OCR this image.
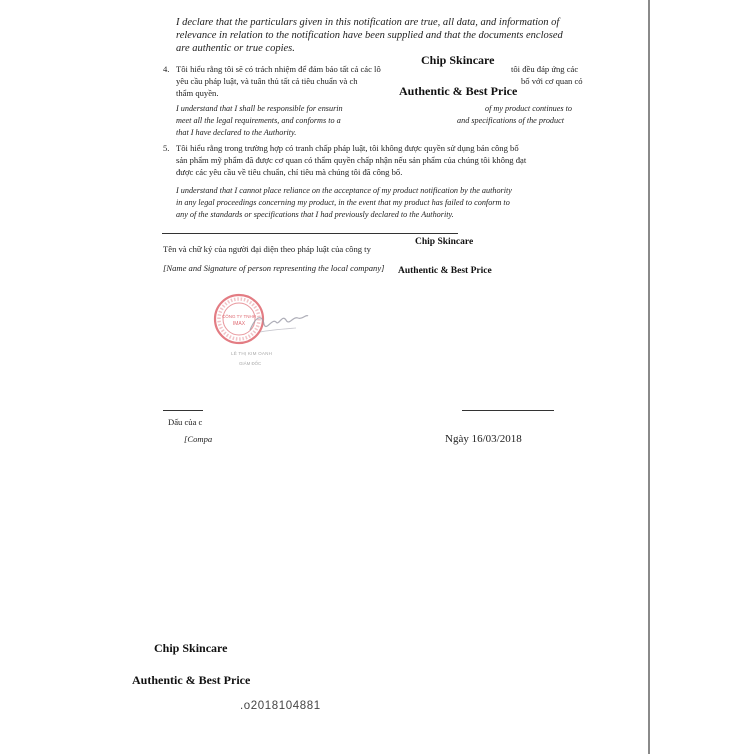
I declare that the particulars given in this notification are true, all data, and information of
relevance in relation to the notification have been supplied and that the documents enclosed
are authentic or true copies.
4. Tôi hiểu rằng tôi sẽ có trách nhiệm để đảm bảo tất cả các lô	tôi đều đáp ứng các
yêu cầu pháp luật, và tuân thủ tất cả tiêu chuẩn và ch	bố với cơ quan có
thẩm quyền.
I understand that I shall be responsible for ensurin	of my product continues to
meet all the legal requirements, and conforms to a	and specifications of the product
that I have declared to the Authority.
5. Tôi hiểu rằng trong trường hợp có tranh chấp pháp luật, tôi không được quyền sử dụng bản công bố
sản phẩm mỹ phẩm đã được cơ quan có thẩm quyền chấp nhận nếu sản phẩm của chúng tôi không đạt
được các yêu cầu về tiêu chuẩn, chỉ tiêu mà chúng tôi đã công bố.
I understand that I cannot place reliance on the acceptance of my product notification by the authority
in any legal proceedings concerning my product, in the event that my product has failed to conform to
any of the standards or specifications that I had previously declared to the Authority.
Tên và chữ ký của người đại diện theo pháp luật của công ty
[Name and Signature of person representing the local company]
CÔNG TY TNHH
IMAX
LÊ THỊ KIM OANH
GIÁM ĐỐC
Dấu của c
[Compa	Ngày 16/03/2018
.o2018104881
Chip Skincare
Authentic & Best Price
Chip Skincare
Authentic & Best Price
Chip Skincare
Authentic & Best Price
